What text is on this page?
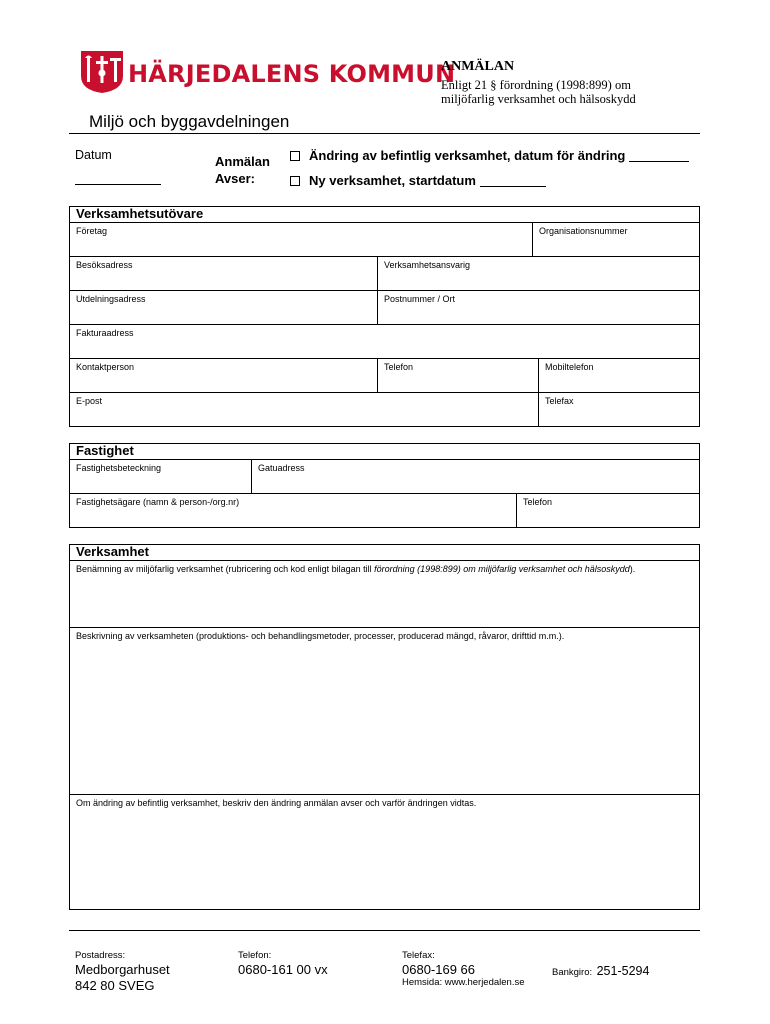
HÄRJEDALENS KOMMUN
ANMÄLAN
Enligt 21 § förordning (1998:899) om miljöfarlig verksamhet och hälsoskydd
Miljö och byggavdelningen
Datum	Anmälan Avser:
Ändring av befintlig verksamhet, datum för ändring
Ny verksamhet, startdatum
Verksamhetsutövare
Företag	Organisationsnummer
Besöksadress	Verksamhetsansvarig
Utdelningsadress	Postnummer / Ort
Fakturaadress
Kontaktperson	Telefon	Mobiltelefon
E-post	Telefax
Fastighet
Fastighetsbeteckning	Gatuadress
Fastighetsägare (namn & person-/org.nr)	Telefon
Verksamhet
Benämning av miljöfarlig verksamhet (rubricering och kod enligt bilagan till förordning (1998:899) om miljöfarlig verksamhet och hälsoskydd).
Beskrivning av verksamheten (produktions- och behandlingsmetoder, processer, producerad mängd, råvaror, drifttid m.m.).
Om ändring av befintlig verksamhet, beskriv den ändring anmälan avser och varför ändringen vidtas.
Postadress:
Medborgarhuset
842 80 SVEG
Telefon:
0680-161 00 vx
Telefax:
0680-169 66
Hemsida: www.herjedalen.se
Bankgiro: 251-5294
